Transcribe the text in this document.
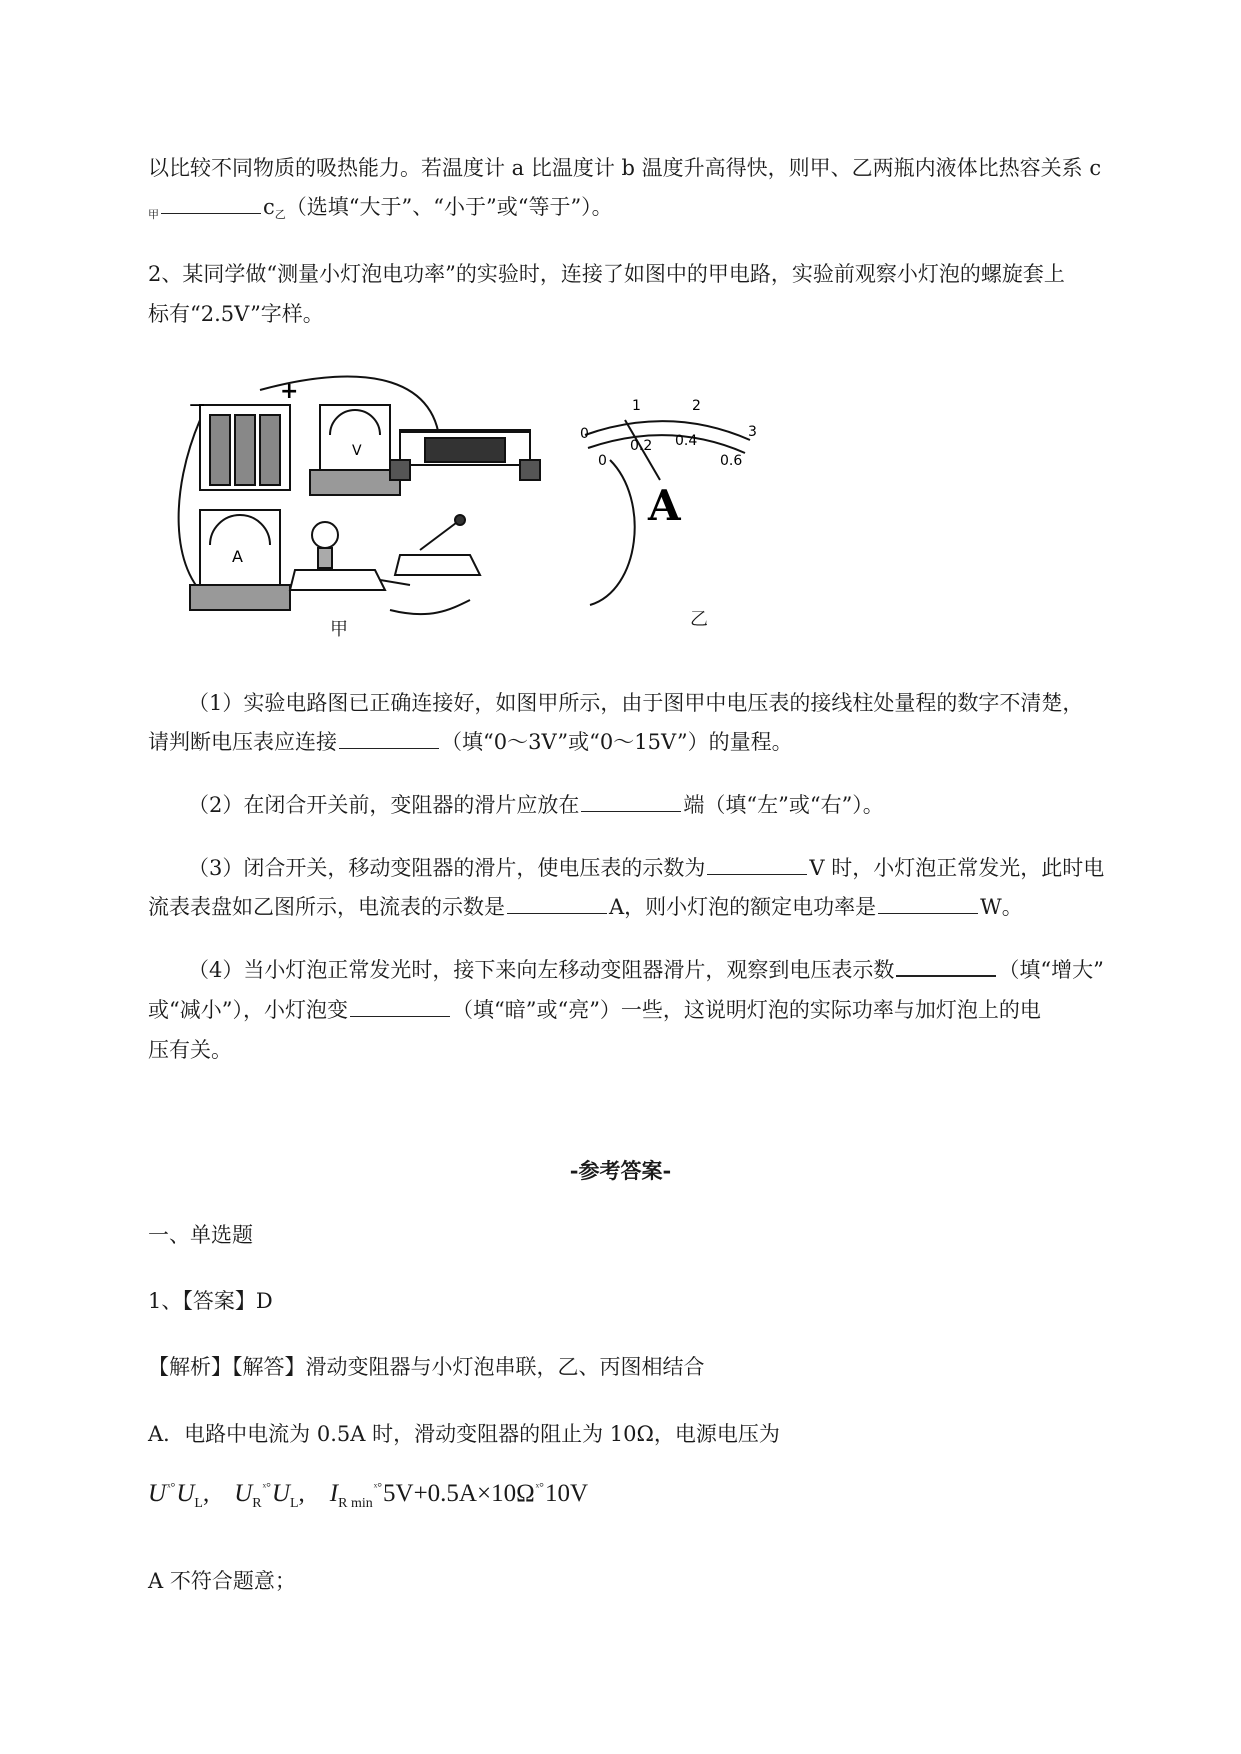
以比较不同物质的吸热能力。若温度计 a 比温度计 b 温度升高得快，则甲、乙两瓶内液体比热容关系 c
$_甲$	$c_乙$（选填“大于”、“小于”或“等于”）。
2、某同学做“测量小灯泡电功率”的实验时，连接了如图中的甲电路，实验前观察小灯泡的螺旋套上
标有“2.5V”字样。
−
+
V
A
0
1	2
3
0
0.2 0.4
0.6
A
甲	乙
（1）实验电路图已正确连接好，如图甲所示，由于图甲中电压表的接线柱处量程的数字不清楚，
请判断电压表应连接	（填“0～3V”或“0～15V”）的量程。
（2）在闭合开关前，变阻器的滑片应放在	端（填“左”或“右”）。
（3）闭合开关，移动变阻器的滑片，使电压表的示数为	V 时，小灯泡正常发光，此时电
流表表盘如乙图所示，电流表的示数是	A，则小灯泡的额定电功率是	W。
（4）当小灯泡正常发光时，接下来向左移动变阻器滑片，观察到电压表示数	（填“增大”
或“减小”），小灯泡变	（填“暗”或“亮”）一些，这说明灯泡的实际功率与加灯泡上的电
压有关。
-参考答案-
一、单选题
1、【答案】D
【解析】【解答】滑动变阻器与小灯泡串联，乙、丙图相结合
A．电路中电流为 0.5A 时，滑动变阻器的阻止为 10Ω，电源电压为
$U^{ˣ^\circ}U_L$,    $U_R^{ˣ^\circ}U_L$,    $I_{R min}^{ˣ^\circ}5V+0.5A\times 10\Omega^{ˣ^\circ}10V$
A 不符合题意；
